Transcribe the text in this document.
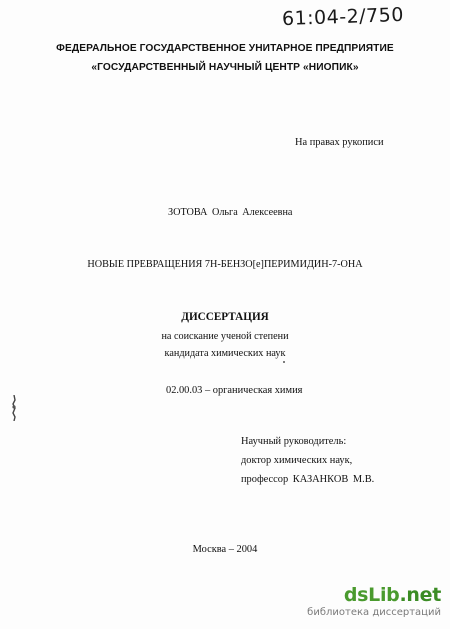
61:04-2/750
ФЕДЕРАЛЬНОЕ ГОСУДАРСТВЕННОЕ УНИТАРНОЕ ПРЕДПРИЯТИЕ
«ГОСУДАРСТВЕННЫЙ НАУЧНЫЙ ЦЕНТР «НИОПИК»
На правах рукописи
ЗОТОВА Ольга Алексеевна
НОВЫЕ ПРЕВРАЩЕНИЯ 7Н-БЕНЗО[е]ПЕРИМИДИН-7-ОНА
ДИССЕРТАЦИЯ
на соискание ученой степени
кандидата химических наук
02.00.03 – органическая химия
Научный руководитель:
доктор химических наук,
профессор КАЗАНКОВ М.В.
Москва – 2004
dsLib.net
библиотека диссертаций
